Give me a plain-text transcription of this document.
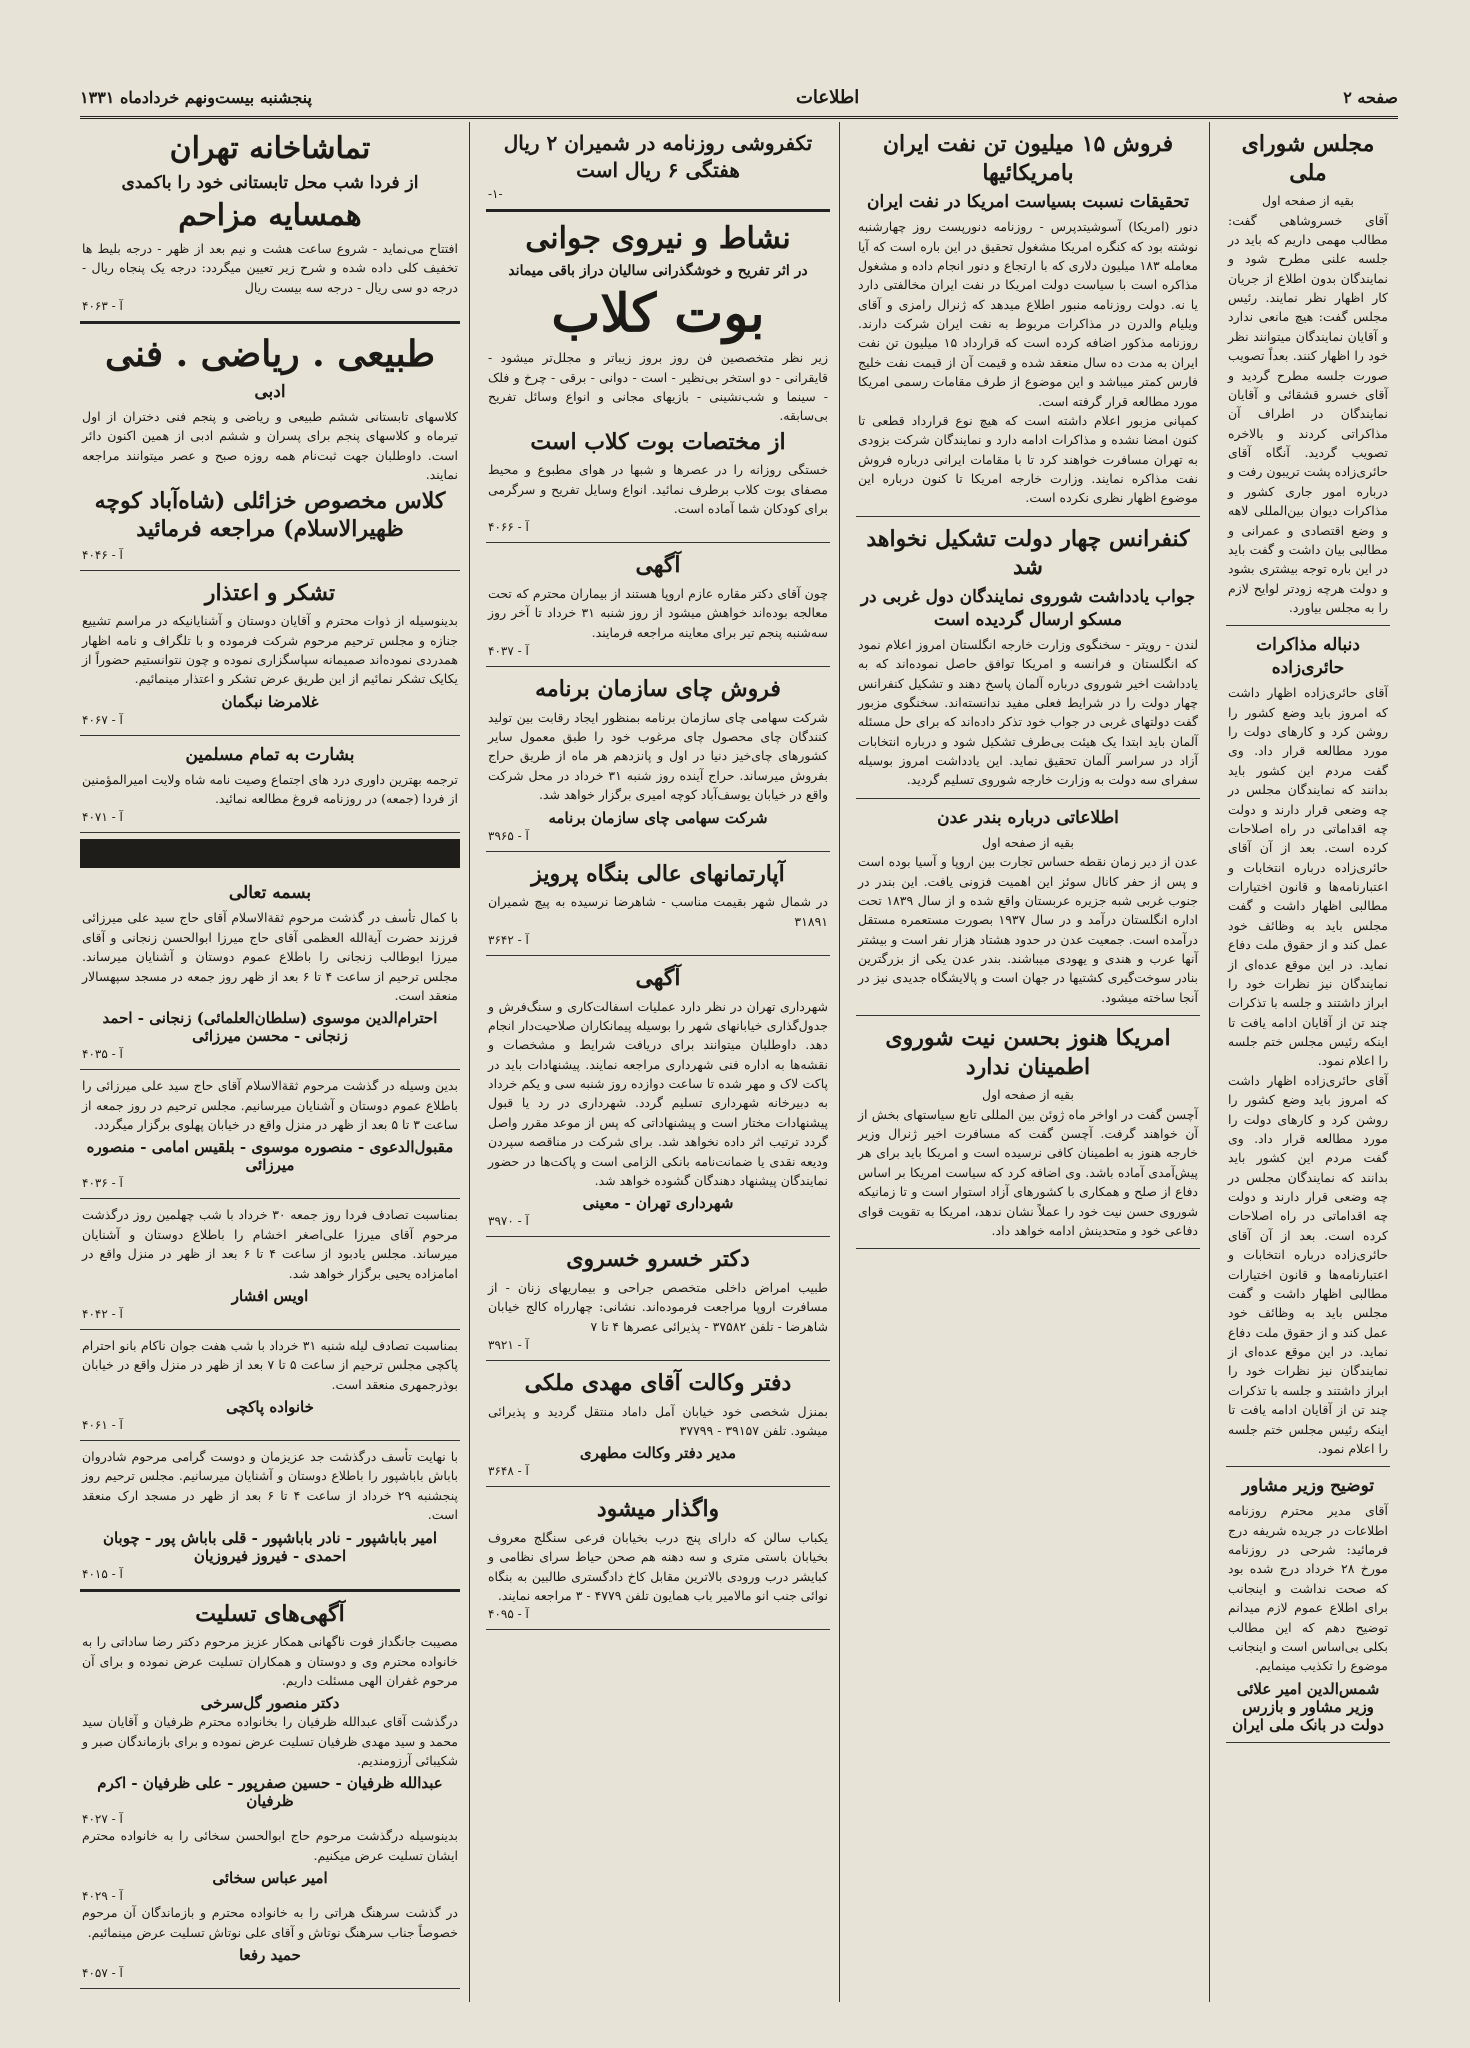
صفحه ۲
اطلاعات
پنجشنبه بیست‌ونهم خردادماه ۱۳۳۱
مجلس شورای ملی
بقیه از صفحه اول

آقای خسروشاهی گفت: مطالب مهمی داریم که باید در جلسه علنی مطرح شود و نمایندگان بدون اطلاع از جریان کار اظهار نظر نمایند. رئیس مجلس گفت: هیچ مانعی ندارد و آقایان نمایندگان میتوانند نظر خود را اظهار کنند. بعداً تصویب صورت جلسه مطرح گردید و آقای خسرو قشقائی و آقایان نمایندگان در اطراف آن مذاکراتی کردند و بالاخره تصویب گردید. آنگاه آقای حائری‌زاده پشت تریبون رفت و درباره امور جاری کشور و مذاکرات دیوان بین‌المللی لاهه و وضع اقتصادی و عمرانی و مطالبی بیان داشت و گفت باید در این باره توجه بیشتری بشود و دولت هرچه زودتر لوایح لازم را به مجلس بیاورد.

دنباله مذاکرات حائری‌زاده

آقای حائری‌زاده اظهار داشت که امروز باید وضع کشور را روشن کرد و کارهای دولت را مورد مطالعه قرار داد. وی گفت مردم این کشور باید بدانند که نمایندگان مجلس در چه وضعی قرار دارند و دولت چه اقداماتی در راه اصلاحات کرده است. بعد از آن آقای حائری‌زاده درباره انتخابات و اعتبارنامه‌ها و قانون اختیارات مطالبی اظهار داشت و گفت مجلس باید به وظائف خود عمل کند و از حقوق ملت دفاع نماید. در این موقع عده‌ای از نمایندگان نیز نظرات خود را ابراز داشتند و جلسه با تذکرات چند تن از آقایان ادامه یافت تا اینکه رئیس مجلس ختم جلسه را اعلام نمود.

آقای حائری‌زاده اظهار داشت که امروز باید وضع کشور را روشن کرد و کارهای دولت را مورد مطالعه قرار داد. وی گفت مردم این کشور باید بدانند که نمایندگان مجلس در چه وضعی قرار دارند و دولت چه اقداماتی در راه اصلاحات کرده است. بعد از آن آقای حائری‌زاده درباره انتخابات و اعتبارنامه‌ها و قانون اختیارات مطالبی اظهار داشت و گفت مجلس باید به وظائف خود عمل کند و از حقوق ملت دفاع نماید. در این موقع عده‌ای از نمایندگان نیز نظرات خود را ابراز داشتند و جلسه با تذکرات چند تن از آقایان ادامه یافت تا اینکه رئیس مجلس ختم جلسه را اعلام نمود.

توضیح وزیر مشاور

آقای مدیر محترم روزنامه اطلاعات در جریده شریفه درج فرمائید: شرحی در روزنامه مورخ ۲۸ خرداد درج شده بود که صحت نداشت و اینجانب برای اطلاع عموم لازم میدانم توضیح دهم که این مطالب بکلی بی‌اساس است و اینجانب موضوع را تکذیب مینمایم.

شمس‌الدین امیر علائی وزیر مشاور و بازرس دولت در بانک ملی ایران
فروش ۱۵ میلیون تن نفت ایران بامریکائیها
تحقیقات نسبت بسیاست امریکا در نفت ایران

دنور (امریکا) آسوشیتدپرس - روزنامه دنورپست روز چهارشنبه نوشته بود که کنگره امریکا مشغول تحقیق در این باره است که آیا معامله ۱۸۳ میلیون دلاری که با ارتجاع و دنور انجام داده و مشغول مذاکره است با سیاست دولت امریکا در نفت ایران مخالفتی دارد یا نه. دولت روزنامه منبور اطلاع میدهد که ژنرال رامزی و آقای ویلیام والدرن در مذاکرات مربوط به نفت ایران شرکت دارند. روزنامه مذکور اضافه کرده است که قرارداد ۱۵ میلیون تن نفت ایران به مدت ده سال منعقد شده و قیمت آن از قیمت نفت خلیج فارس کمتر میباشد و این موضوع از طرف مقامات رسمی امریکا مورد مطالعه قرار گرفته است.

کمپانی مزبور اعلام داشته است که هیچ نوع قرارداد قطعی تا کنون امضا نشده و مذاکرات ادامه دارد و نمایندگان شرکت بزودی به تهران مسافرت خواهند کرد تا با مقامات ایرانی درباره فروش نفت مذاکره نمایند. وزارت خارجه امریکا تا کنون درباره این موضوع اظهار نظری نکرده است.

کنفرانس چهار دولت تشکیل نخواهد شد
جواب یادداشت شوروی نمایندگان دول غربی در مسکو ارسال گردیده است

لندن - رویتر - سخنگوی وزارت خارجه انگلستان امروز اعلام نمود که انگلستان و فرانسه و امریکا توافق حاصل نموده‌اند که به یادداشت اخیر شوروی درباره آلمان پاسخ دهند و تشکیل کنفرانس چهار دولت را در شرایط فعلی مفید ندانسته‌اند. سخنگوی مزبور گفت دولتهای غربی در جواب خود تذکر داده‌اند که برای حل مسئله آلمان باید ابتدا یک هیئت بی‌طرف تشکیل شود و درباره انتخابات آزاد در سراسر آلمان تحقیق نماید. این یادداشت امروز بوسیله سفرای سه دولت به وزارت خارجه شوروی تسلیم گردید.

اطلاعاتی درباره بندر عدن
بقیه از صفحه اول

عدن از دیر زمان نقطه حساس تجارت بین اروپا و آسیا بوده است و پس از حفر کانال سوئز این اهمیت فزونی یافت. این بندر در جنوب غربی شبه جزیره عربستان واقع شده و از سال ۱۸۳۹ تحت اداره انگلستان درآمد و در سال ۱۹۳۷ بصورت مستعمره مستقل درآمده است. جمعیت عدن در حدود هشتاد هزار نفر است و بیشتر آنها عرب و هندی و یهودی میباشند. بندر عدن یکی از بزرگترین بنادر سوخت‌گیری کشتیها در جهان است و پالایشگاه جدیدی نیز در آنجا ساخته میشود.

امریکا هنوز بحسن نیت شوروی اطمینان ندارد
بقیه از صفحه اول

آچسن گفت در اواخر ماه ژوئن بین المللی تابع سیاستهای بخش از آن خواهند گرفت. آچسن گفت که مسافرت اخیر ژنرال وزیر خارجه هنوز به اطمینان کافی نرسیده است و امریکا باید برای هر پیش‌آمدی آماده باشد. وی اضافه کرد که سیاست امریکا بر اساس دفاع از صلح و همکاری با کشورهای آزاد استوار است و تا زمانیکه شوروی حسن نیت خود را عملاً نشان ندهد، امریکا به تقویت قوای دفاعی خود و متحدینش ادامه خواهد داد.

تکفروشی روزنامه در شمیران ۲ ریال هفتگی ۶ ریال است
-۱-
نشاط و نیروی جوانی
در اثر تفریح و خوشگذرانی سالیان دراز باقی میماند
بوت کلاب

زیر نظر متخصصین فن روز بروز زیباتر و مجلل‌تر میشود - قایقرانی - دو استخر بی‌نظیر - است - دوانی - برقی - چرخ و فلک - سینما و شب‌نشینی - بازیهای مجانی و انواع وسائل تفریح بی‌سابقه.

از مختصات بوت کلاب است

خستگی روزانه را در عصرها و شبها در هوای مطبوع و محیط مصفای بوت کلاب برطرف نمائید. انواع وسایل تفریح و سرگرمی برای کودکان شما آماده است.

آ - ۴۰۶۶
آگهی

چون آقای دکتر مقاره عازم اروپا هستند از بیماران محترم که تحت معالجه بوده‌اند خواهش میشود از روز شنبه ۳۱ خرداد تا آخر روز سه‌شنبه پنجم تیر برای معاینه مراجعه فرمایند.

آ - ۴۰۳۷
فروش چای سازمان برنامه

شرکت سهامی چای سازمان برنامه بمنظور ایجاد رقابت بین تولید کنندگان چای محصول چای مرغوب خود را طبق معمول سایر کشورهای چای‌خیز دنیا در اول و پانزدهم هر ماه از طریق حراج بفروش میرساند. حراج آینده روز شنبه ۳۱ خرداد در محل شرکت واقع در خیابان یوسف‌آباد کوچه امیری برگزار خواهد شد.

شرکت سهامی چای سازمان برنامه
آ - ۳۹۶۵
آپارتمانهای عالی بنگاه پرویز

در شمال شهر بقیمت مناسب - شاهرضا نرسیده به پیچ شمیران ۳۱۸۹۱

آ - ۳۶۴۲
آگهی

شهرداری تهران در نظر دارد عملیات اسفالت‌کاری و سنگ‌فرش و جدول‌گذاری خیابانهای شهر را بوسیله پیمانکاران صلاحیت‌دار انجام دهد. داوطلبان میتوانند برای دریافت شرایط و مشخصات و نقشه‌ها به اداره فنی شهرداری مراجعه نمایند. پیشنهادات باید در پاکت لاک و مهر شده تا ساعت دوازده روز شنبه سی و یکم خرداد به دبیرخانه شهرداری تسلیم گردد. شهرداری در رد یا قبول پیشنهادات مختار است و پیشنهاداتی که پس از موعد مقرر واصل گردد ترتیب اثر داده نخواهد شد. برای شرکت در مناقصه سپردن ودیعه نقدی یا ضمانت‌نامه بانکی الزامی است و پاکت‌ها در حضور نمایندگان پیشنهاد دهندگان گشوده خواهد شد.

شهرداری تهران - معینی
آ - ۳۹۷۰
دکتر خسرو خسروی

طبیب امراض داخلی متخصص جراحی و بیماریهای زنان - از مسافرت اروپا مراجعت فرموده‌اند. نشانی: چهارراه کالج خیابان شاهرضا - تلفن ۳۷۵۸۲ - پذیرائی عصرها ۴ تا ۷

آ - ۳۹۲۱
دفتر وکالت آقای مهدی ملکی

بمنزل شخصی خود خیابان آمل داماد منتقل گردید و پذیرائی میشود. تلفن ۳۹۱۵۷ - ۳۷۷۹۹

مدیر دفتر وکالت مطهری
آ - ۳۶۴۸
واگذار میشود

یکباب سالن که دارای پنج درب بخیابان فرعی سنگلج معروف بخیابان باستی متری و سه دهنه هم صحن حیاط سرای نظامی و کبایشر درب ورودی بالاترین مقابل کاخ دادگستری طالبین به بنگاه نوائی جنب انو مالامیر باب همایون تلفن ۴۷۷۹ - ۳ مراجعه نمایند.

آ - ۴۰۹۵
تماشاخانه تهران
از فردا شب محل تابستانی خود را باکمدی
همسایه مزاحم

افتتاح می‌نماید - شروع ساعت هشت و نیم بعد از ظهر - درجه بلیط ها تخفیف کلی داده شده و شرح زیر تعیین میگردد: درجه یک پنجاه ریال - درجه دو سی ریال - درجه سه بیست ریال

آ - ۴۰۶۳
طبیعی . ریاضی . فنی
ادبی

کلاسهای تابستانی ششم طبیعی و ریاضی و پنجم فنی دختران از اول تیرماه و کلاسهای پنجم برای پسران و ششم ادبی از همین اکنون دائر است. داوطلبان جهت ثبت‌نام همه روزه صبح و عصر میتوانند مراجعه نمایند.

کلاس مخصوص خزائلی (شاه‌آباد کوچه ظهیرالاسلام) مراجعه فرمائید
آ - ۴۰۴۶
تشکر و اعتذار

بدینوسیله از ذوات محترم و آقایان دوستان و آشنایانیکه در مراسم تشییع جنازه و مجلس ترحیم مرحوم شرکت فرموده و با تلگراف و نامه اظهار همدردی نموده‌اند صمیمانه سپاسگزاری نموده و چون نتوانستیم حضوراً از یکایک تشکر نمائیم از این طریق عرض تشکر و اعتذار مینمائیم.

غلامرضا نبگمان
آ - ۴۰۶۷
بشارت به تمام مسلمین

ترجمه بهترین داوری درد های اجتماع وصیت نامه شاه ولایت امیرالمؤمنین از فردا (جمعه) در روزنامه فروغ مطالعه نمائید.

آ - ۴۰۷۱

بسمه تعالی

با کمال تأسف در گذشت مرحوم ثقةالاسلام آقای حاج سید علی میرزائی فرزند حضرت آیةالله العظمی آقای حاج میرزا ابوالحسن زنجانی و آقای میرزا ابوطالب زنجانی را باطلاع عموم دوستان و آشنایان میرساند. مجلس ترحیم از ساعت ۴ تا ۶ بعد از ظهر روز جمعه در مسجد سپهسالار منعقد است.

احترام‌الدین موسوی (سلطان‌العلمائی) زنجانی - احمد زنجانی - محسن میرزائی
آ - ۴۰۳۵

بدین وسیله در گذشت مرحوم ثقةالاسلام آقای حاج سید علی میرزائی را باطلاع عموم دوستان و آشنایان میرسانیم. مجلس ترحیم در روز جمعه از ساعت ۳ تا ۵ بعد از ظهر در منزل واقع در خیابان پهلوی برگزار میگردد.

مقبول‌الدعوی - منصوره موسوی - بلقیس امامی - منصوره میرزائی
آ - ۴۰۳۶

بمناسبت تصادف فردا روز جمعه ۳۰ خرداد با شب چهلمین روز درگذشت مرحوم آقای میرزا علی‌اصغر اخشام را باطلاع دوستان و آشنایان میرساند. مجلس یادبود از ساعت ۴ تا ۶ بعد از ظهر در منزل واقع در امامزاده یحیی برگزار خواهد شد.

اویس افشار
آ - ۴۰۴۲

بمناسبت تصادف لیله شنبه ۳۱ خرداد با شب هفت جوان ناکام بانو احترام پاکچی مجلس ترحیم از ساعت ۵ تا ۷ بعد از ظهر در منزل واقع در خیابان بوذرجمهری منعقد است.

خانواده پاکچی
آ - ۴۰۶۱

با نهایت تأسف درگذشت جد عزیزمان و دوست گرامی مرحوم شادروان باباش باباشپور را باطلاع دوستان و آشنایان میرسانیم. مجلس ترحیم روز پنجشنبه ۲۹ خرداد از ساعت ۴ تا ۶ بعد از ظهر در مسجد ارک منعقد است.

امیر باباشپور - نادر باباشپور - قلی باباش پور - چوبان احمدی - فیروز فیروزیان
آ - ۴۰۱۵
آگهی‌های تسلیت

مصیبت جانگداز فوت ناگهانی همکار عزیز مرحوم دکتر رضا ساداتی را به خانواده محترم وی و دوستان و همکاران تسلیت عرض نموده و برای آن مرحوم غفران الهی مسئلت داریم.

دکتر منصور گل‌سرخی

درگذشت آقای عبدالله ظرفیان را بخانواده محترم ظرفیان و آقایان سید محمد و سید مهدی ظرفیان تسلیت عرض نموده و برای بازماندگان صبر و شکیبائی آرزومندیم.

عبدالله ظرفیان - حسین صفرپور - علی ظرفیان - اکرم ظرفیان
آ - ۴۰۲۷

بدینوسیله درگذشت مرحوم حاج ابوالحسن سخائی را به خانواده محترم ایشان تسلیت عرض میکنیم.

امیر عباس سخائی
آ - ۴۰۲۹

در گذشت سرهنگ هراتی را به خانواده محترم و بازماندگان آن مرحوم خصوصاً جناب سرهنگ نوتاش و آقای علی نوتاش تسلیت عرض مینمائیم.

حمید رفعا
آ - ۴۰۵۷
